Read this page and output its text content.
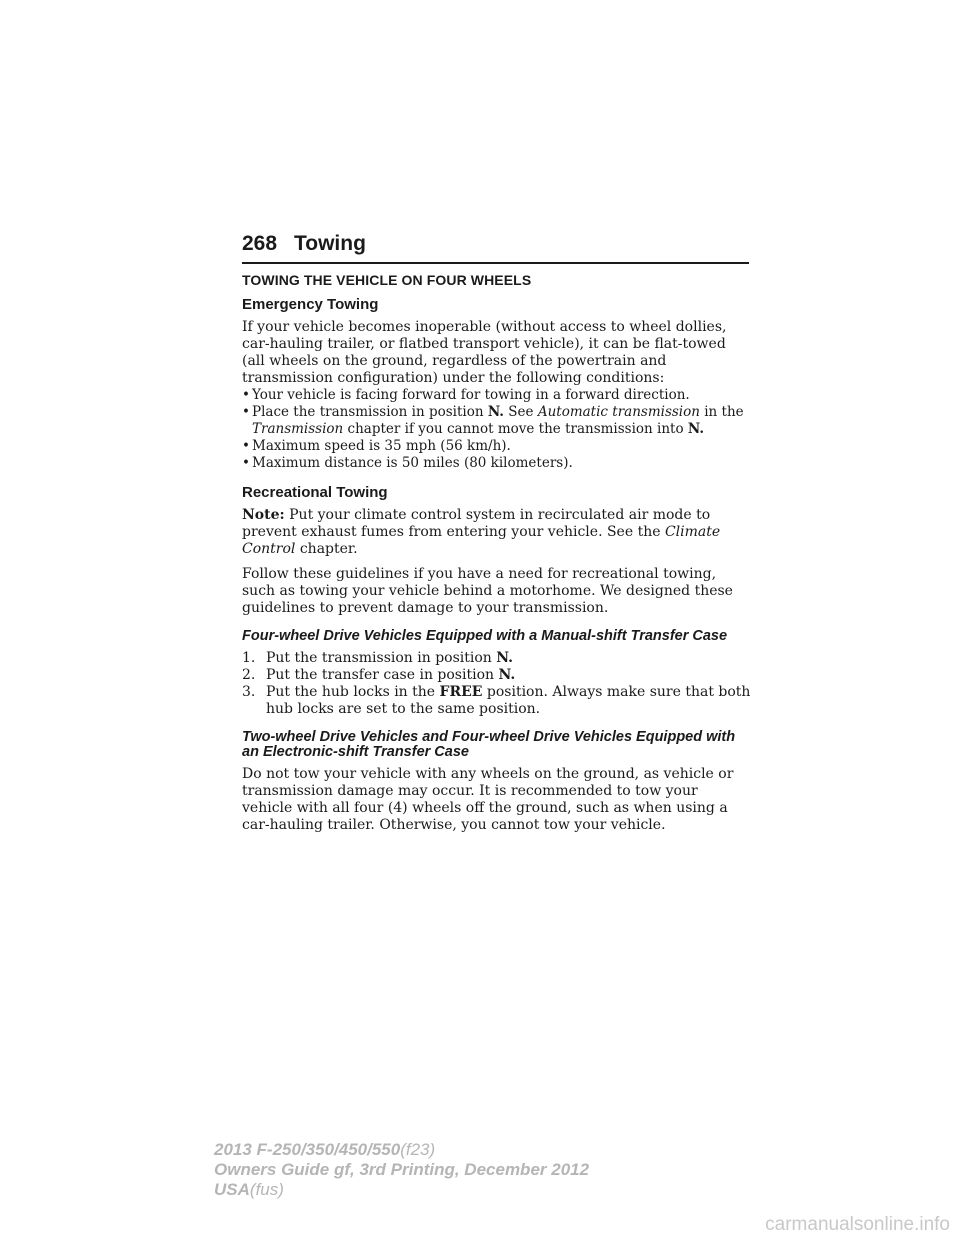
268 Towing
TOWING THE VEHICLE ON FOUR WHEELS
Emergency Towing

If your vehicle becomes inoperable (without access to wheel dollies, car-hauling trailer, or flatbed transport vehicle), it can be flat-towed (all wheels on the ground, regardless of the powertrain and transmission configuration) under the following conditions:

• Your vehicle is facing forward for towing in a forward direction.
• Place the transmission in position N. See Automatic transmission in the Transmission chapter if you cannot move the transmission into N.
• Maximum speed is 35 mph (56 km/h).
• Maximum distance is 50 miles (80 kilometers).
Recreational Towing

Note: Put your climate control system in recirculated air mode to prevent exhaust fumes from entering your vehicle. See the Climate Control chapter.

Follow these guidelines if you have a need for recreational towing, such as towing your vehicle behind a motorhome. We designed these guidelines to prevent damage to your transmission.

Four-wheel Drive Vehicles Equipped with a Manual-shift Transfer Case
1. Put the transmission in position N.
2. Put the transfer case in position N.
3. Put the hub locks in the FREE position. Always make sure that both hub locks are set to the same position.
Two-wheel Drive Vehicles and Four-wheel Drive Vehicles Equipped with an Electronic-shift Transfer Case

Do not tow your vehicle with any wheels on the ground, as vehicle or transmission damage may occur. It is recommended to tow your vehicle with all four (4) wheels off the ground, such as when using a car-hauling trailer. Otherwise, you cannot tow your vehicle.

2013 F-250/350/450/550(f23)
Owners Guide gf, 3rd Printing, December 2012
USA(fus)
carmanualsonline.info
